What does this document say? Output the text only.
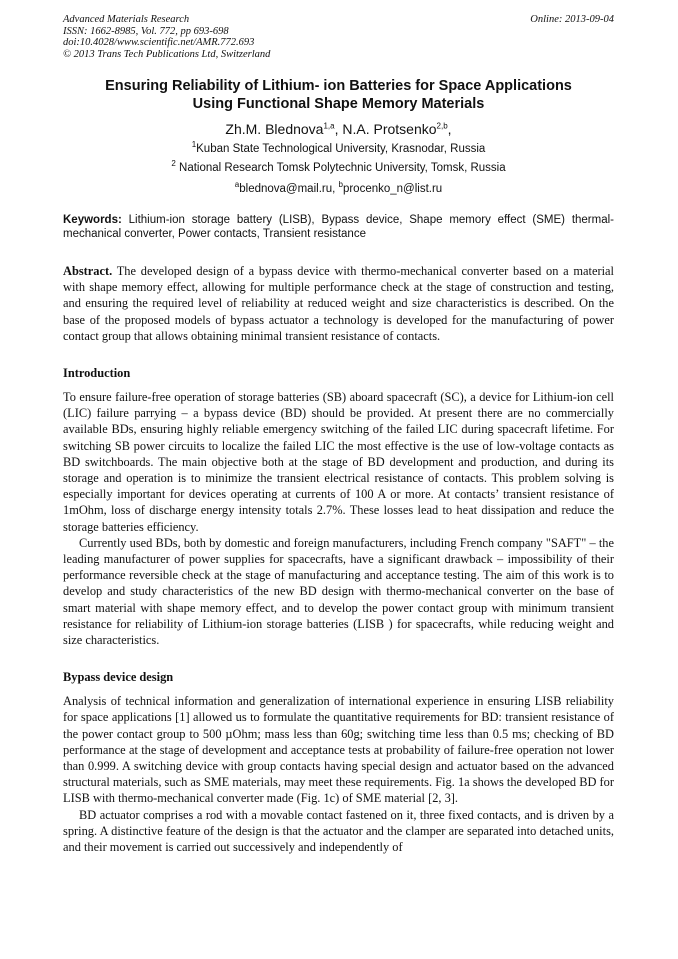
Advanced Materials Research
ISSN: 1662-8985, Vol. 772, pp 693-698
doi:10.4028/www.scientific.net/AMR.772.693
© 2013 Trans Tech Publications Ltd, Switzerland
Online: 2013-09-04
Ensuring Reliability of Lithium- ion Batteries for Space Applications
Using Functional Shape Memory Materials
Zh.M. Blednova$^{1,a}$, N.A. Protsenko$^{2,b}$,
$^1$Kuban State Technological University, Krasnodar, Russia
$^2$ National Research Tomsk Polytechnic University, Tomsk, Russia
$^a$blednova@mail.ru, $^b$procenko_n@list.ru
Keywords: Lithium-ion storage battery (LISB), Bypass device, Shape memory effect (SME) thermal-mechanical converter, Power contacts, Transient resistance
Abstract. The developed design of a bypass device with thermo-mechanical converter based on a material with shape memory effect, allowing for multiple performance check at the stage of construction and testing, and ensuring the required level of reliability at reduced weight and size characteristics is described. On the base of the proposed models of bypass actuator a technology is developed for the manufacturing of power contact group that allows obtaining minimal transient resistance of contacts.
Introduction

To ensure failure-free operation of storage batteries (SB) aboard spacecraft (SC), a device for Lithium-ion cell (LIC) failure parrying – a bypass device (BD) should be provided. At present there are no commercially available BDs, ensuring highly reliable emergency switching of the failed LIC during spacecraft lifetime. For switching SB power circuits to localize the failed LIC the most effective is the use of low-voltage contacts as BD switchboards. The main objective both at the stage of BD development and production, and during its storage and operation is to minimize the transient electrical resistance of contacts. This problem solving is especially important for devices operating at currents of 100 A or more. At contacts’ transient resistance of 1mOhm, loss of discharge energy intensity totals 2.7%. These losses lead to heat dissipation and reduce the storage batteries efficiency.

Currently used BDs, both by domestic and foreign manufacturers, including French company "SAFT" – the leading manufacturer of power supplies for spacecrafts, have a significant drawback – impossibility of their performance reversible check at the stage of manufacturing and acceptance testing. The aim of this work is to develop and study characteristics of the new BD design with thermo-mechanical converter on the base of smart material with shape memory effect, and to develop the power contact group with minimum transient resistance for reliability of Lithium-ion storage batteries (LISB ) for spacecrafts, while reducing weight and size characteristics.

Bypass device design

Analysis of technical information and generalization of international experience in ensuring LISB reliability for space applications [1] allowed us to formulate the quantitative requirements for BD: transient resistance of the power contact group to 500 µOhm; mass less than 60g; switching time less than 0.5 ms; checking of BD performance at the stage of development and acceptance tests at probability of failure-free operation not lower than 0.999. A switching device with group contacts having special design and actuator based on the advanced structural materials, such as SME materials, may meet these requirements. Fig. 1a shows the developed BD for LISB with thermo-mechanical converter made (Fig. 1c) of SME material [2, 3].

BD actuator comprises a rod with a movable contact fastened on it, three fixed contacts, and is driven by a spring. A distinctive feature of the design is that the actuator and the clamper are separated into detached units, and their movement is carried out successively and independently of
